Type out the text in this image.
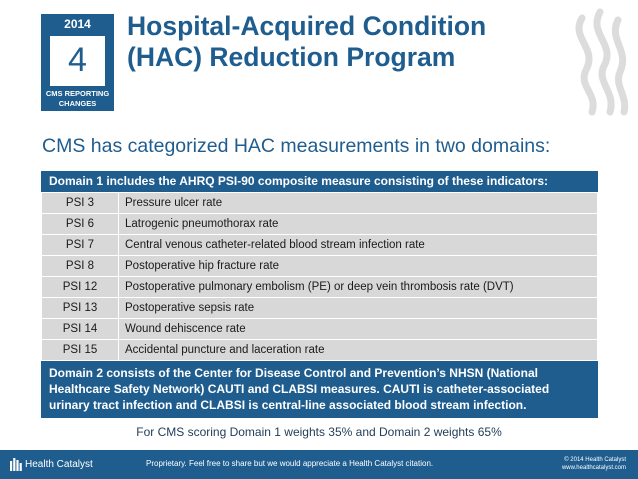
2014
4
CMS REPORTING
CHANGES
Hospital-Acquired Condition
(HAC) Reduction Program
CMS has categorized HAC measurements in two domains:
Domain 1 includes the AHRQ PSI-90 composite measure consisting of these indicators:
PSI 3	Pressure ulcer rate
PSI 6	Latrogenic pneumothorax rate
PSI 7	Central venous catheter-related blood stream infection rate
PSI 8	Postoperative hip fracture rate
PSI 12	Postoperative pulmonary embolism (PE) or deep vein thrombosis rate (DVT)
PSI 13	Postoperative sepsis rate
PSI 14	Wound dehiscence rate
PSI 15	Accidental puncture and laceration rate
Domain 2 consists of the Center for Disease Control and Prevention’s NHSN (National Healthcare Safety Network) CAUTI and CLABSI measures. CAUTI is catheter-associated urinary tract infection and CLABSI is central-line associated blood stream infection.
For CMS scoring Domain 1 weights 35% and Domain 2 weights 65%
Health Catalyst	Proprietary. Feel free to share but we would appreciate a Health Catalyst citation.	© 2014 Health Catalyst
www.healthcatalyst.com
